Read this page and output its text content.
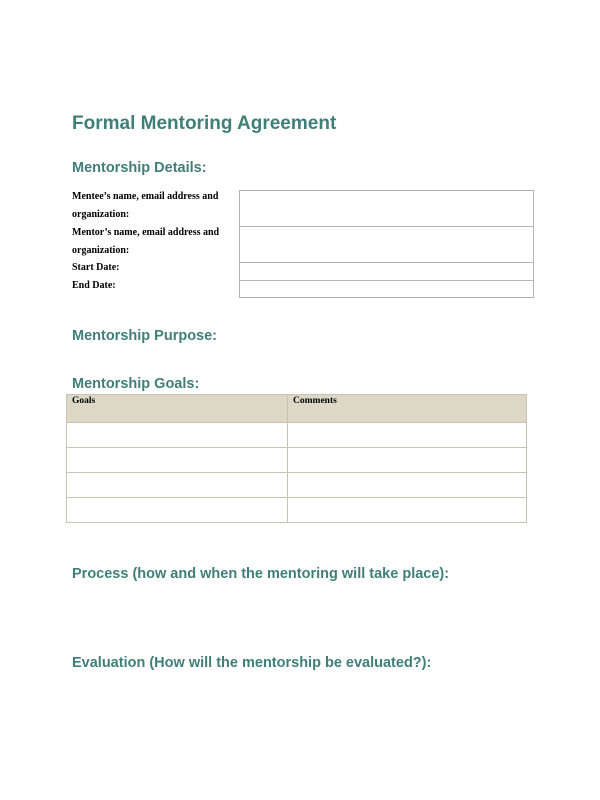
Formal Mentoring Agreement
Mentorship Details:
Mentee’s name, email address and organization:
Mentor’s name, email address and organization:
Start Date:
End Date:
Mentorship Purpose:
Mentorship Goals:
Goals	Comments

Process (how and when the mentoring will take place):
Evaluation (How will the mentorship be evaluated?):
